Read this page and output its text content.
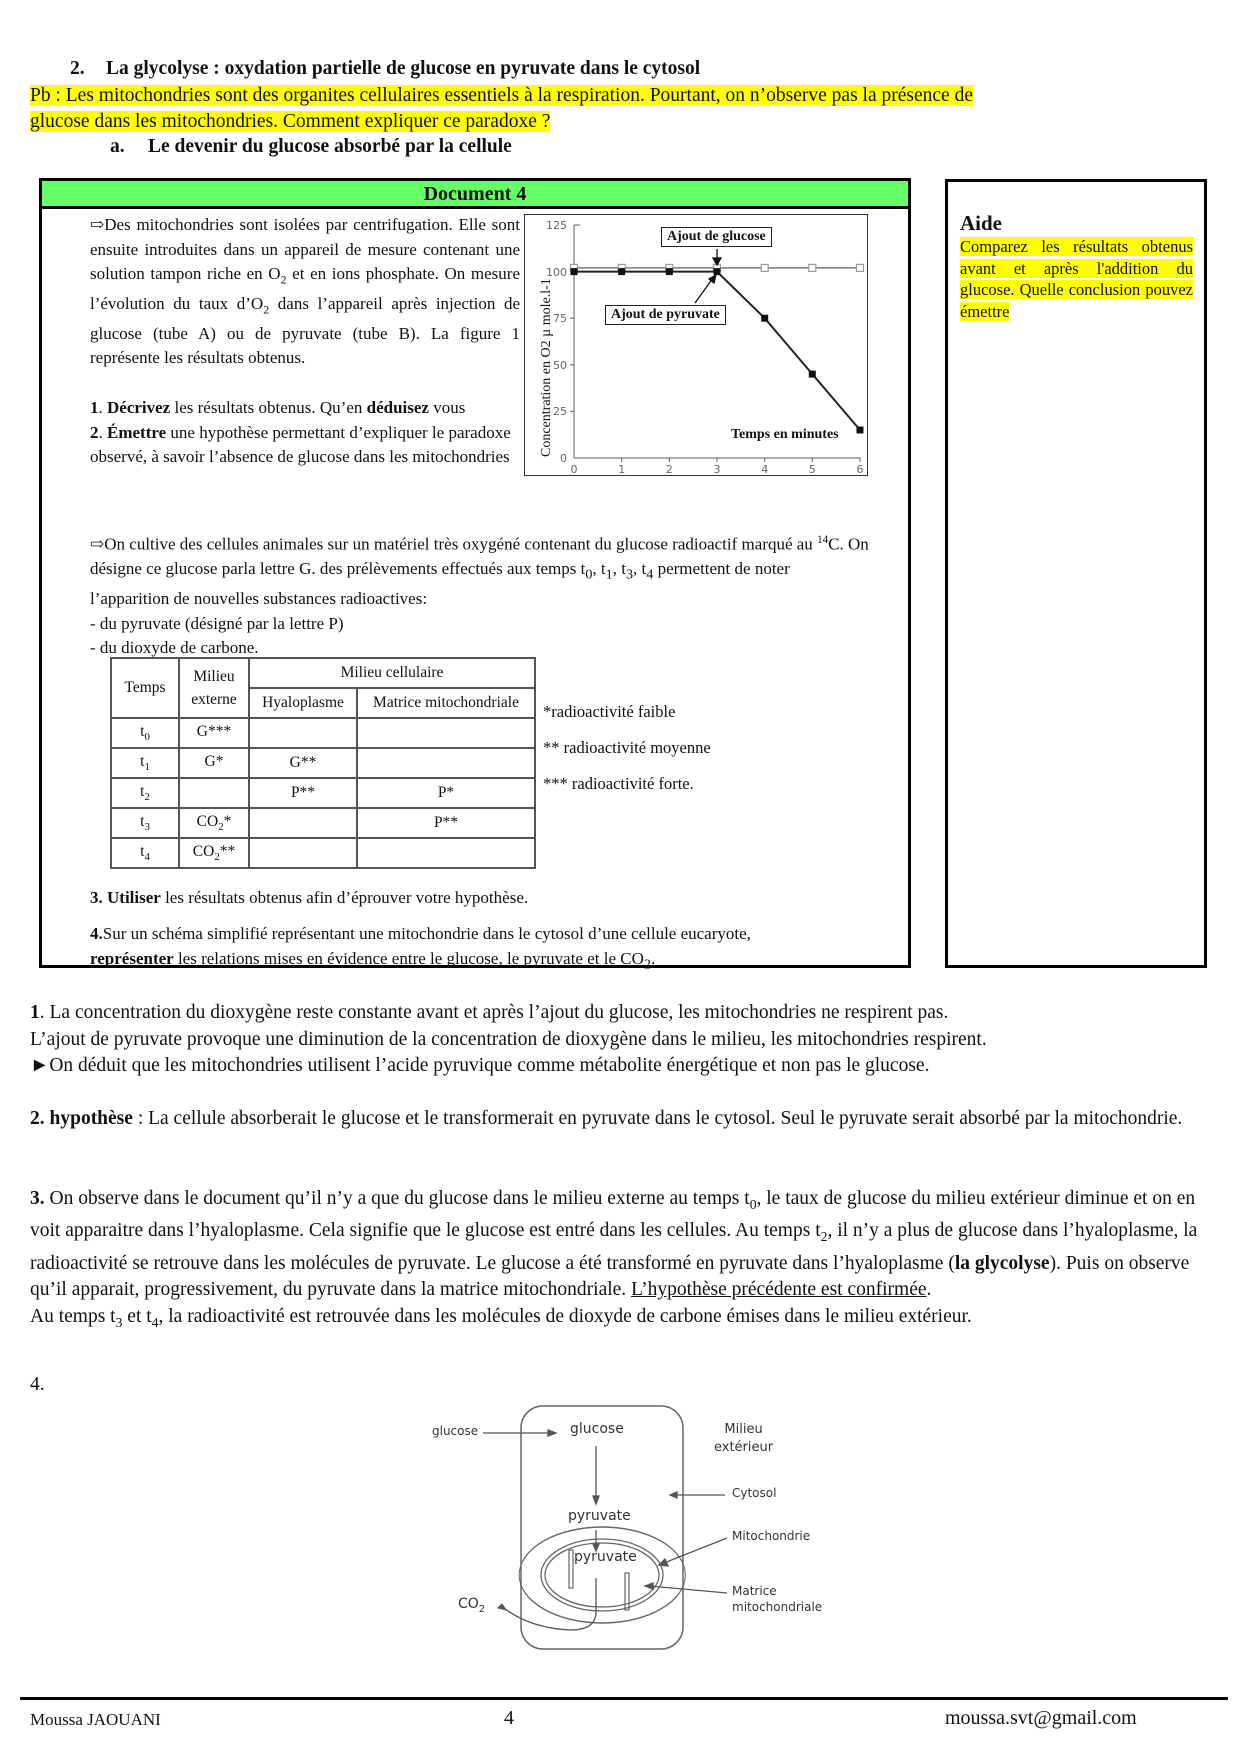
2. La glycolyse : oxydation partielle de glucose en pyruvate dans le cytosol
Pb : Les mitochondries sont des organites cellulaires essentiels à la respiration. Pourtant, on n’observe pas la présence de
glucose dans les mitochondries. Comment expliquer ce paradoxe ?
a. Le devenir du glucose absorbé par la cellule
Document 4
⇨Des mitochondries sont isolées par centrifugation. Elle sont ensuite introduites dans un appareil de mesure contenant une solution tampon riche en $O_2$ et en ions phosphate. On mesure l’évolution du taux $d’O_2$ dans l’appareil après injection de glucose (tube A) ou de pyruvate (tube B). La figure 1 représente les résultats obtenus.
1. Décrivez les résultats obtenus. Qu’en déduisez vous
2. Émettre une hypothèse permettant d’expliquer le paradoxe observé, à savoir l’absence de glucose dans les mitochondries
125
100
75
50
25
0
0	1	2	3	4	5	6
Concentration en O2 µ mole.l-1
Ajout de glucose
Ajout de pyruvate
Temps en minutes
⇨On cultive des cellules animales sur un matériel très oxygéné contenant du glucose radioactif marqué au $^{14}$C. On désigne ce glucose parla lettre G. des prélèvements effectués aux temps $t_0$, $t_1$, $t_3$, $t_4$ permettent de noter l’apparition de nouvelles substances radioactives:
- du pyruvate (désigné par la lettre P)
- du dioxyde de carbone.
Temps	Milieu externe	Milieu cellulaire	
		Hyaloplasme	Matrice mitochondriale
$t_0$	G***		
$t_1$	G*	G**	
$t_2$		P**	P*
$t_3$	$CO_2*$		P**
$t_4$	$CO_2**$		
*radioactivité faible
** radioactivité moyenne
*** radioactivité forte.
3. Utiliser les résultats obtenus afin d’éprouver votre hypothèse.
4.Sur un schéma simplifié représentant une mitochondrie dans le cytosol d’une cellule eucaryote,
représenter les relations mises en évidence entre le glucose, le pyruvate et le $CO_2$.
Aide
Comparez les résultats obtenus avant et après l'addition du glucose. Quelle conclusion pouvez émettre
1. La concentration du dioxygène reste constante avant et après l’ajout du glucose, les mitochondries ne respirent pas.
L’ajout de pyruvate provoque une diminution de la concentration de dioxygène dans le milieu, les mitochondries respirent.
►On déduit que les mitochondries utilisent l’acide pyruvique comme métabolite énergétique et non pas le glucose.
2. hypothèse : La cellule absorberait le glucose et le transformerait en pyruvate dans le cytosol. Seul le pyruvate serait absorbé par la mitochondrie.
3. On observe dans le document qu’il n’y a que du glucose dans le milieu externe au temps $t_0$, le taux de glucose du milieu extérieur diminue et on en voit apparaitre dans l’hyaloplasme. Cela signifie que le glucose est entré dans les cellules. Au temps $t_2$, il n’y a plus de glucose dans l’hyaloplasme, la radioactivité se retrouve dans les molécules de pyruvate. Le glucose a été transformé en pyruvate dans l’hyaloplasme (la glycolyse). Puis on observe qu’il apparait, progressivement, du pyruvate dans la matrice mitochondriale. L’hypothèse précédente est confirmée.
Au temps $t_3$ et $t_4$, la radioactivité est retrouvée dans les molécules de dioxyde de carbone émises dans le milieu extérieur.
4.
glucose	glucose
pyruvate
pyruvate
$CO_2$
Milieu
extérieur
Cytosol
Mitochondrie
Matrice
mitochondriale
Moussa JAOUANI	4	moussa.svt@gmail.com
